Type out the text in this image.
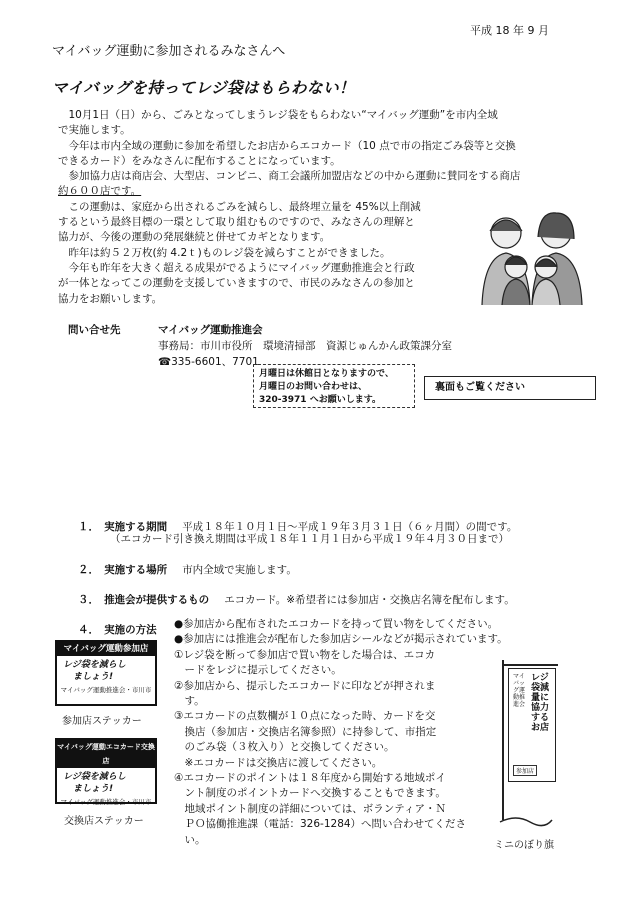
平成 18 年 9 月
マイバッグ運動に参加されるみなさんへ
マイバッグを持ってレジ袋はもらわない！
　10月1日（日）から、ごみとなってしまうレジ袋をもらわない“マイバッグ運動”を市内全域
で実施します。
　今年は市内全域の運動に参加を希望したお店からエコカード（10 点で市の指定ごみ袋等と交換
できるカード）をみなさんに配布することになっています。
　参加協力店は商店会、大型店、コンビニ、商工会議所加盟店などの中から運動に賛同をする商店
約６００店です。
　この運動は、家庭から出されるごみを減らし、最終埋立量を 45%以上削減
するという最終目標の一環として取り組むものですので、みなさんの理解と
協力が、今後の運動の発展継続と併せてカギとなります。
　昨年は約５２万枚(約 4.2ｔ)ものレジ袋を減らすことができました。
　今年も昨年を大きく超える成果がでるようにマイバッグ運動推進会と行政
が一体となってこの運動を支援していきますので、市民のみなさんの参加と
協力をお願いします。
問い合せ先	マイバッグ運動推進会
事務局：市川市役所　環境清掃部　資源じゅんかん政策課分室
☎335-6601、7701
月曜日は休館日となりますので、
月曜日のお問い合わせは、
320-3971 へお願いします。
裏面もご覧ください
１． 実施する期間 平成１８年１０月１日～平成１９年３月３１日（６ヶ月間）の間です。
（エコカード引き換え期間は平成１８年１１月１日から平成１９年４月３０日まで）
２． 実施する場所 市内全域で実施します。
３． 推進会が提供するもの エコカード。※希望者には参加店・交換店名簿を配布します。
４． 実施の方法 ●参加店から配布されたエコカードを持って買い物をしてください。
●参加店には推進会が配布した参加店シールなどが掲示されています。
①レジ袋を断って参加店で買い物をした場合は、エコカ
　ードをレジに提示してください。
②参加店から、提示したエコカードに印などが押されま
　す。
③エコカードの点数欄が１０点になった時、カードを交
　換店（参加店・交換店名簿参照）に持参して、市指定
　のごみ袋（３枚入り）と交換してください。
　※エコカードは交換店に渡してください。
④エコカードのポイントは１８年度から開始する地域ポイ
　ント制度のポイントカードへ交換することもできます。
　地域ポイント制度の詳細については、ボランティア・Ｎ
　ＰＯ協働推進課（電話：326-1284）へ問い合わせてくださ
　い。
マイバッグ運動参加店
レジ袋を減らし
ましょう!
マイバッグ運動推進会・市川市
参加店ステッカー
マイバッグ運動エコカード交換店
レジ袋を減らし
ましょう!
マイバッグ運動推進会・市川市
交換店ステッカー
レジ袋減量に協力するお店
マイバッグ運動推進会
参加店
ミニのぼり旗
